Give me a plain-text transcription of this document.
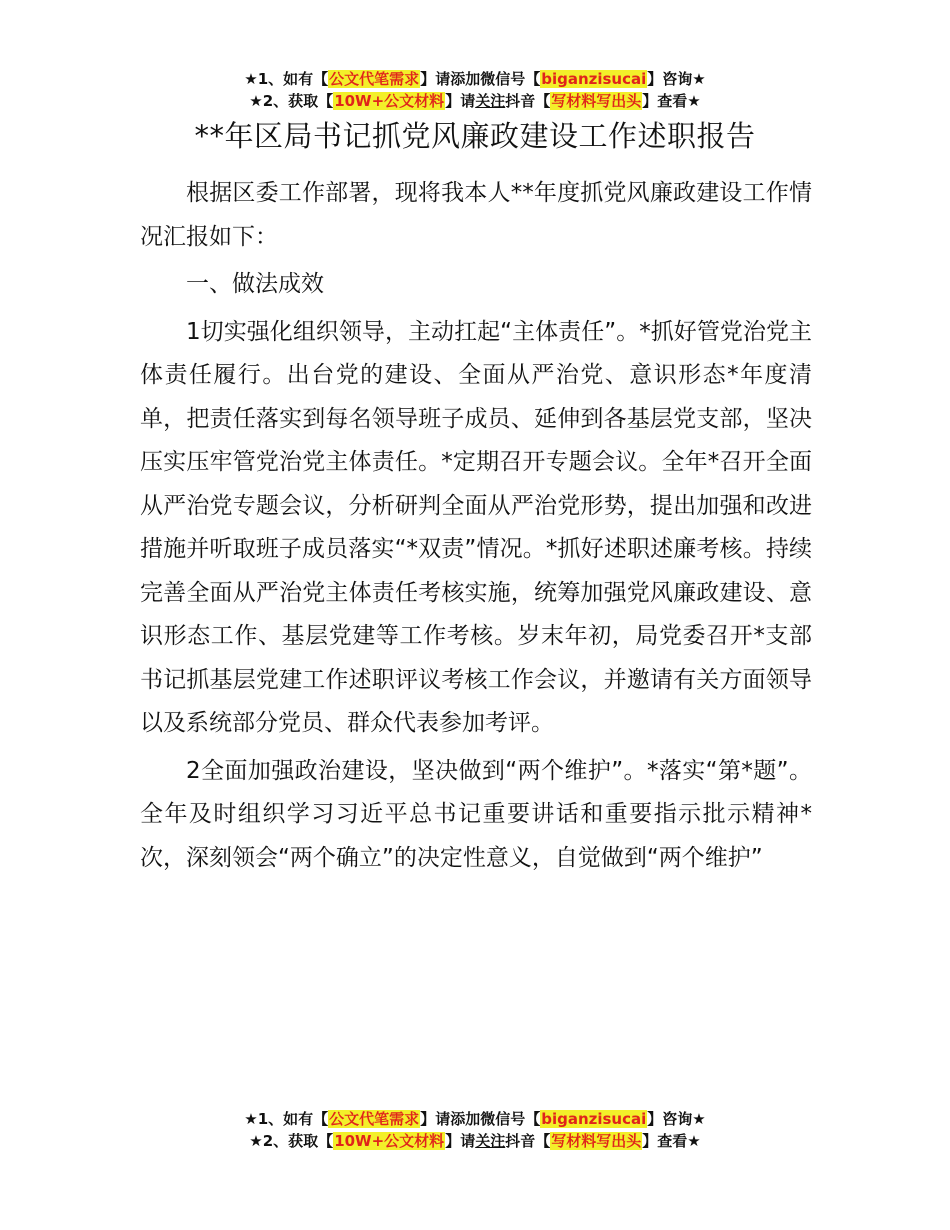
★1、如有【公文代笔需求】请添加微信号【biganzisucai】咨询★
★2、获取【10W+公文材料】请关注抖音【写材料写出头】查看★
**年区局书记抓党风廉政建设工作述职报告

根据区委工作部署，现将我本人**年度抓党风廉政建设工作情况汇报如下：

一、做法成效

1切实强化组织领导，主动扛起“主体责任”。*抓好管党治党主体责任履行。出台党的建设、全面从严治党、意识形态*年度清单，把责任落实到每名领导班子成员、延伸到各基层党支部，坚决压实压牢管党治党主体责任。*定期召开专题会议。全年*召开全面从严治党专题会议，分析研判全面从严治党形势，提出加强和改进措施并听取班子成员落实“*双责”情况。*抓好述职述廉考核。持续完善全面从严治党主体责任考核实施，统筹加强党风廉政建设、意识形态工作、基层党建等工作考核。岁末年初，局党委召开*支部书记抓基层党建工作述职评议考核工作会议，并邀请有关方面领导以及系统部分党员、群众代表参加考评。

2全面加强政治建设，坚决做到“两个维护”。*落实“第*题”。全年及时组织学习习近平总书记重要讲话和重要指示批示精神*次，深刻领会“两个确立”的决定性意义，自觉做到“两个维护”

★1、如有【公文代笔需求】请添加微信号【biganzisucai】咨询★
★2、获取【10W+公文材料】请关注抖音【写材料写出头】查看★
